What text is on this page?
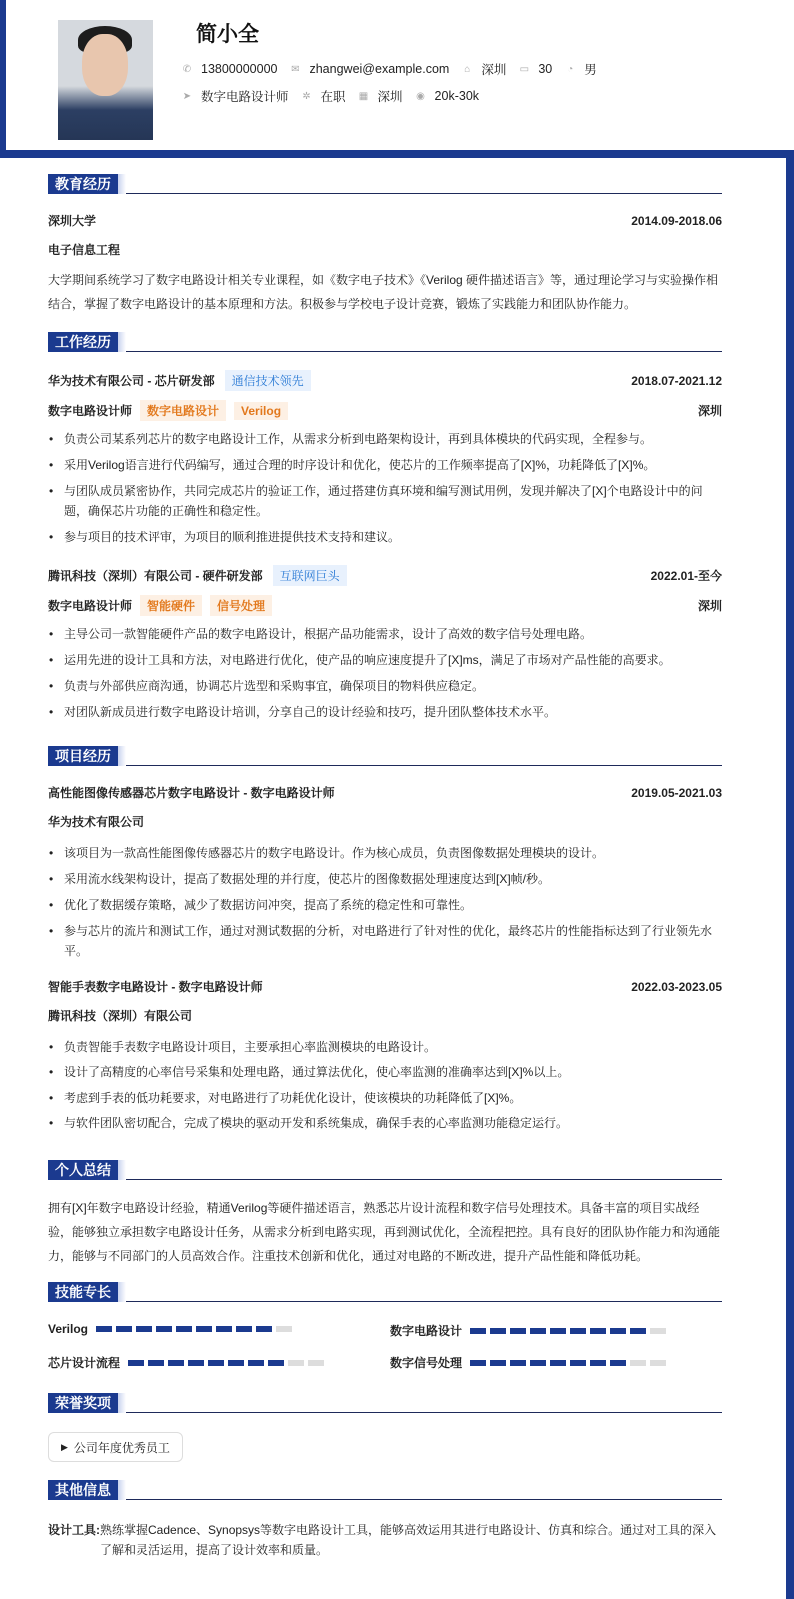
简小全
✆ 13800000000 ✉ zhangwei@example.com ⌂ 深圳 ▭ 30 ◔ 男
➤ 数字电路设计师 ✲ 在职 ▦ 深圳 ◉ 20k-30k
教育经历
深圳大学	2014.09-2018.06
电子信息工程
大学期间系统学习了数字电路设计相关专业课程，如《数字电子技术》《Verilog 硬件描述语言》等，通过理论学习与实验操作相结合，掌握了数字电路设计的基本原理和方法。积极参与学校电子设计竞赛，锻炼了实践能力和团队协作能力。
工作经历
华为技术有限公司 - 芯片研发部	通信技术领先	2018.07-2021.12
数字电路设计师	数字电路设计	Verilog	深圳
• 负责公司某系列芯片的数字电路设计工作，从需求分析到电路架构设计，再到具体模块的代码实现，全程参与。
• 采用Verilog语言进行代码编写，通过合理的时序设计和优化，使芯片的工作频率提高了[X]%，功耗降低了[X]%。
• 与团队成员紧密协作，共同完成芯片的验证工作，通过搭建仿真环境和编写测试用例，发现并解决了[X]个电路设计中的问题，确保芯片功能的正确性和稳定性。
• 参与项目的技术评审，为项目的顺利推进提供技术支持和建议。
腾讯科技（深圳）有限公司 - 硬件研发部	互联网巨头	2022.01-至今
数字电路设计师	智能硬件	信号处理	深圳
• 主导公司一款智能硬件产品的数字电路设计，根据产品功能需求，设计了高效的数字信号处理电路。
• 运用先进的设计工具和方法，对电路进行优化，使产品的响应速度提升了[X]ms，满足了市场对产品性能的高要求。
• 负责与外部供应商沟通，协调芯片选型和采购事宜，确保项目的物料供应稳定。
• 对团队新成员进行数字电路设计培训，分享自己的设计经验和技巧，提升团队整体技术水平。
项目经历
高性能图像传感器芯片数字电路设计 - 数字电路设计师	2019.05-2021.03
华为技术有限公司
• 该项目为一款高性能图像传感器芯片的数字电路设计。作为核心成员，负责图像数据处理模块的设计。
• 采用流水线架构设计，提高了数据处理的并行度，使芯片的图像数据处理速度达到[X]帧/秒。
• 优化了数据缓存策略，减少了数据访问冲突，提高了系统的稳定性和可靠性。
• 参与芯片的流片和测试工作，通过对测试数据的分析，对电路进行了针对性的优化，最终芯片的性能指标达到了行业领先水平。
智能手表数字电路设计 - 数字电路设计师	2022.03-2023.05
腾讯科技（深圳）有限公司
• 负责智能手表数字电路设计项目，主要承担心率监测模块的电路设计。
• 设计了高精度的心率信号采集和处理电路，通过算法优化，使心率监测的准确率达到[X]%以上。
• 考虑到手表的低功耗要求，对电路进行了功耗优化设计，使该模块的功耗降低了[X]%。
• 与软件团队密切配合，完成了模块的驱动开发和系统集成，确保手表的心率监测功能稳定运行。
个人总结
拥有[X]年数字电路设计经验，精通Verilog等硬件描述语言，熟悉芯片设计流程和数字信号处理技术。具备丰富的项目实战经验，能够独立承担数字电路设计任务，从需求分析到电路实现，再到测试优化，全流程把控。具有良好的团队协作能力和沟通能力，能够与不同部门的人员高效合作。注重技术创新和优化，通过对电路的不断改进，提升产品性能和降低功耗。
技能专长
Verilog	数字电路设计
芯片设计流程	数字信号处理
荣誉奖项
▶ 公司年度优秀员工
其他信息
设计工具: 熟练掌握Cadence、Synopsys等数字电路设计工具，能够高效运用其进行电路设计、仿真和综合。通过对工具的深入了解和灵活运用，提高了设计效率和质量。
